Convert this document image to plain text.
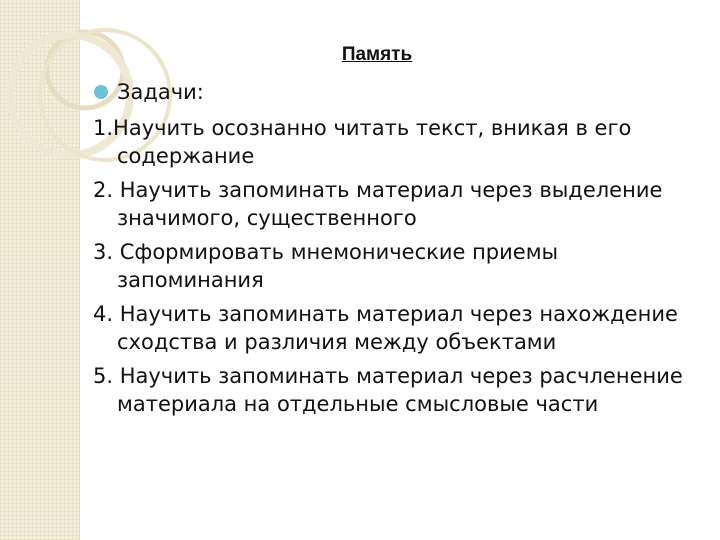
Память
Задачи:
1.Научить осознанно читать текст, вникая в его содержание
2. Научить запоминать материал через выделение значимого, существенного
3. Сформировать мнемонические приемы запоминания
4. Научить запоминать материал через нахождение сходства и различия между объектами
5. Научить запоминать материал через расчленение материала на отдельные смысловые части
